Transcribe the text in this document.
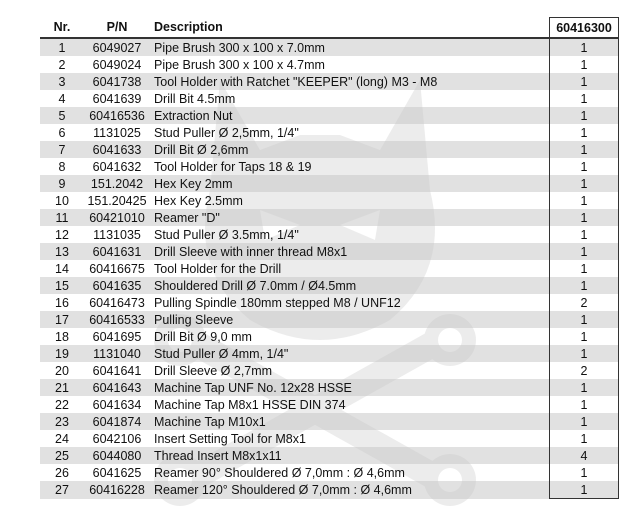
Nr.	P/N	Description	60416300
1	6049027	Pipe Brush 300 x 100 x 7.0mm	1
2	6049024	Pipe Brush 300 x 100 x 4.7mm	1
3	6041738	Tool Holder with Ratchet "KEEPER" (long) M3 - M8	1
4	6041639	Drill Bit 4.5mm	1
5	60416536	Extraction Nut	1
6	1131025	Stud Puller Ø 2,5mm, 1/4"	1
7	6041633	Drill Bit Ø 2,6mm	1
8	6041632	Tool Holder for Taps 18 & 19	1
9	151.2042	Hex Key 2mm	1
10	151.20425	Hex Key 2.5mm	1
11	60421010	Reamer "D"	1
12	1131035	Stud Puller Ø 3.5mm, 1/4"	1
13	6041631	Drill Sleeve with inner thread M8x1	1
14	60416675	Tool Holder for the Drill	1
15	6041635	Shouldered Drill Ø 7.0mm / Ø4.5mm	1
16	60416473	Pulling Spindle 180mm stepped M8 / UNF12	2
17	60416533	Pulling Sleeve	1
18	6041695	Drill Bit Ø 9,0 mm	1
19	1131040	Stud Puller Ø 4mm, 1/4"	1
20	6041641	Drill Sleeve Ø 2,7mm	2
21	6041643	Machine Tap UNF No. 12x28 HSSE	1
22	6041634	Machine Tap M8x1 HSSE DIN 374	1
23	6041874	Machine Tap M10x1	1
24	6042106	Insert Setting Tool for M8x1	1
25	6044080	Thread Insert M8x1x11	4
26	6041625	Reamer 90° Shouldered Ø 7,0mm : Ø 4,6mm	1
27	60416228	Reamer 120° Shouldered Ø 7,0mm : Ø 4,6mm	1
